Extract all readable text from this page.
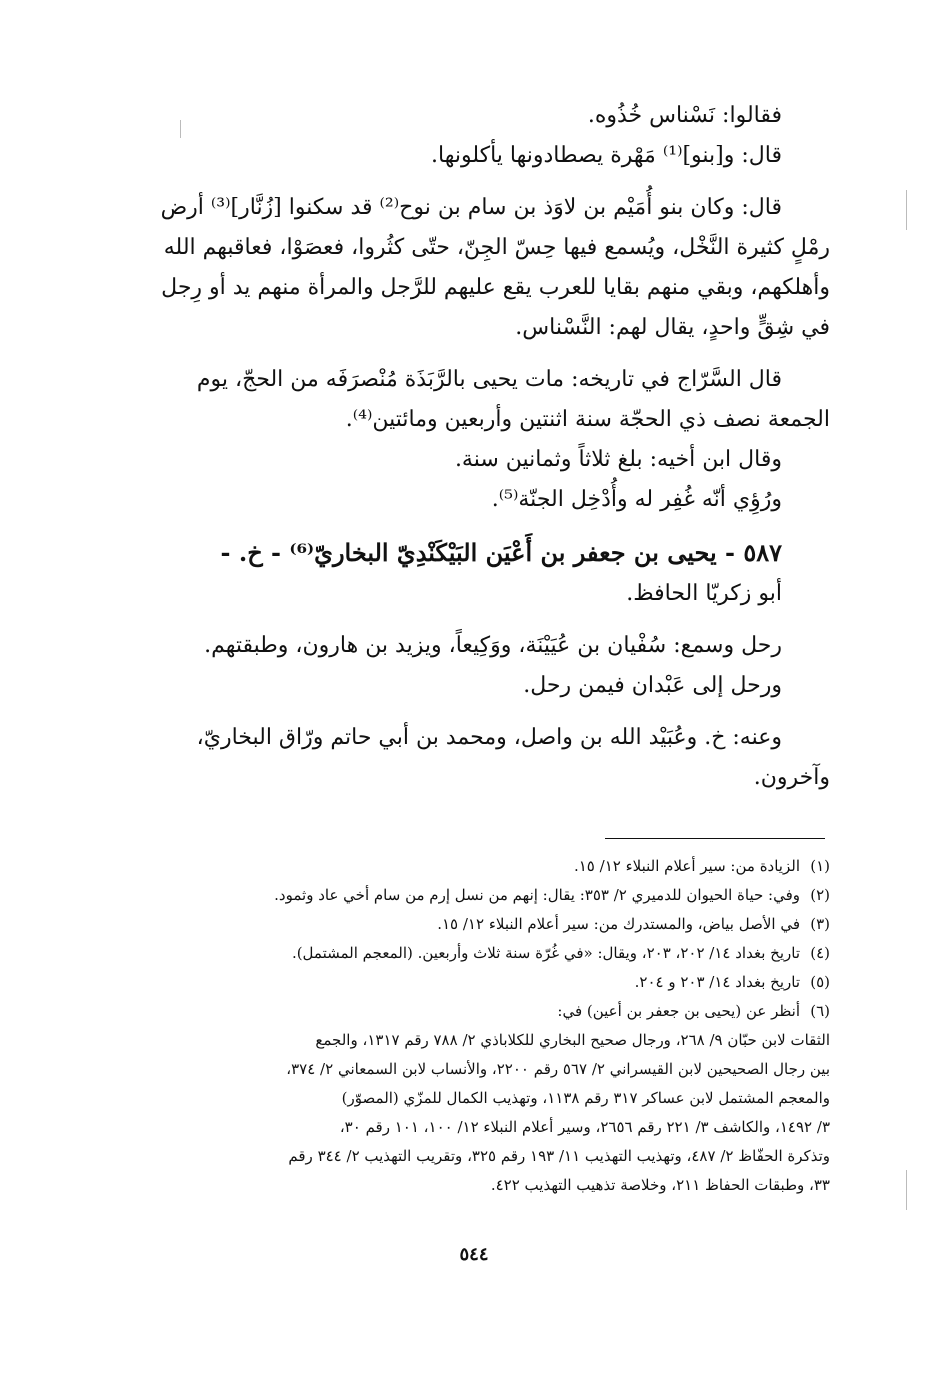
فقالوا: نَسْناس خُذُوه.
قال: و[بنو]⁽¹⁾ مَهْرة يصطادونها يأكلونها.
قال: وكان بنو أُمَيْم بن لاوَذ بن سام بن نوح⁽²⁾ قد سكنوا [زُنَّار]⁽³⁾ أرض
رمْلٍ كثيرة النَّخْل، ويُسمع فيها حِسّ الجِنّ، حتّى كثُروا، فعصَوْا، فعاقبهم الله
وأهلكهم، وبقي منهم بقايا للعرب يقع عليهم للرَّجل والمرأة منهم يد أو رِجل
في شِقٍّ واحدٍ، يقال لهم: النَّسْناس.
قال السَّرّاج في تاريخه: مات يحيى بالرَّبَذَة مُنْصرَفَه من الحجّ، يوم
الجمعة نصف ذي الحجّة سنة اثنتين وأربعين ومائتين⁽⁴⁾.
وقال ابن أخيه: بلغ ثلاثاً وثمانين سنة.
ورُؤِي أنّه غُفِر له وأُدْخِل الجنّة⁽⁵⁾.
٥٨٧ - يحيى بن جعفر بن أَعْيَن البَيْكَنْدِيّ البخاريّ⁽⁶⁾ - خ. -
أبو زكريّا الحافظ.
رحل وسمع: سُفْيان بن عُيَيْنَة، ووَكِيعاً، ويزيد بن هارون، وطبقتهم.
ورحل إلى عَبْدان فيمن رحل.
وعنه: خ. وعُبَيْد الله بن واصل، ومحمد بن أبي حاتم ورّاق البخاريّ،
وآخرون.
(١)
الزيادة من: سير أعلام النبلاء ١٢/ ١٥.
(٢)
وفي: حياة الحيوان للدميري ٢/ ٣٥٣: يقال: إنهم من نسل إرم من سام أخي عاد وثمود.
(٣)
في الأصل بياض، والمستدرك من: سير أعلام النبلاء ١٢/ ١٥.
(٤)
تاريخ بغداد ١٤/ ٢٠٢، ٢٠٣، ويقال: «في غُرّة سنة ثلاث وأربعين. (المعجم المشتمل).
(٥)
تاريخ بغداد ١٤/ ٢٠٣ و ٢٠٤.
(٦)
أنظر عن (يحيى بن جعفر بن أعين) في:
الثقات لابن حبّان ٩/ ٢٦٨، ورجال صحيح البخاري للكلاباذي ٢/ ٧٨٨ رقم ١٣١٧، والجمع
بين رجال الصحيحين لابن القيسراني ٢/ ٥٦٧ رقم ٢٢٠٠، والأنساب لابن السمعاني ٢/ ٣٧٤،
والمعجم المشتمل لابن عساكر ٣١٧ رقم ١١٣٨، وتهذيب الكمال للمزّي (المصوّر)
٣/ ١٤٩٢، والكاشف ٣/ ٢٢١ رقم ٢٦٥٦، وسير أعلام النبلاء ١٢/ ١٠٠، ١٠١ رقم ٣٠،
وتذكرة الحفّاظ ٢/ ٤٨٧، وتهذيب التهذيب ١١/ ١٩٣ رقم ٣٢٥، وتقريب التهذيب ٢/ ٣٤٤ رقم
٣٣، وطبقات الحفاظ ٢١١، وخلاصة تذهيب التهذيب ٤٢٢.
٥٤٤
